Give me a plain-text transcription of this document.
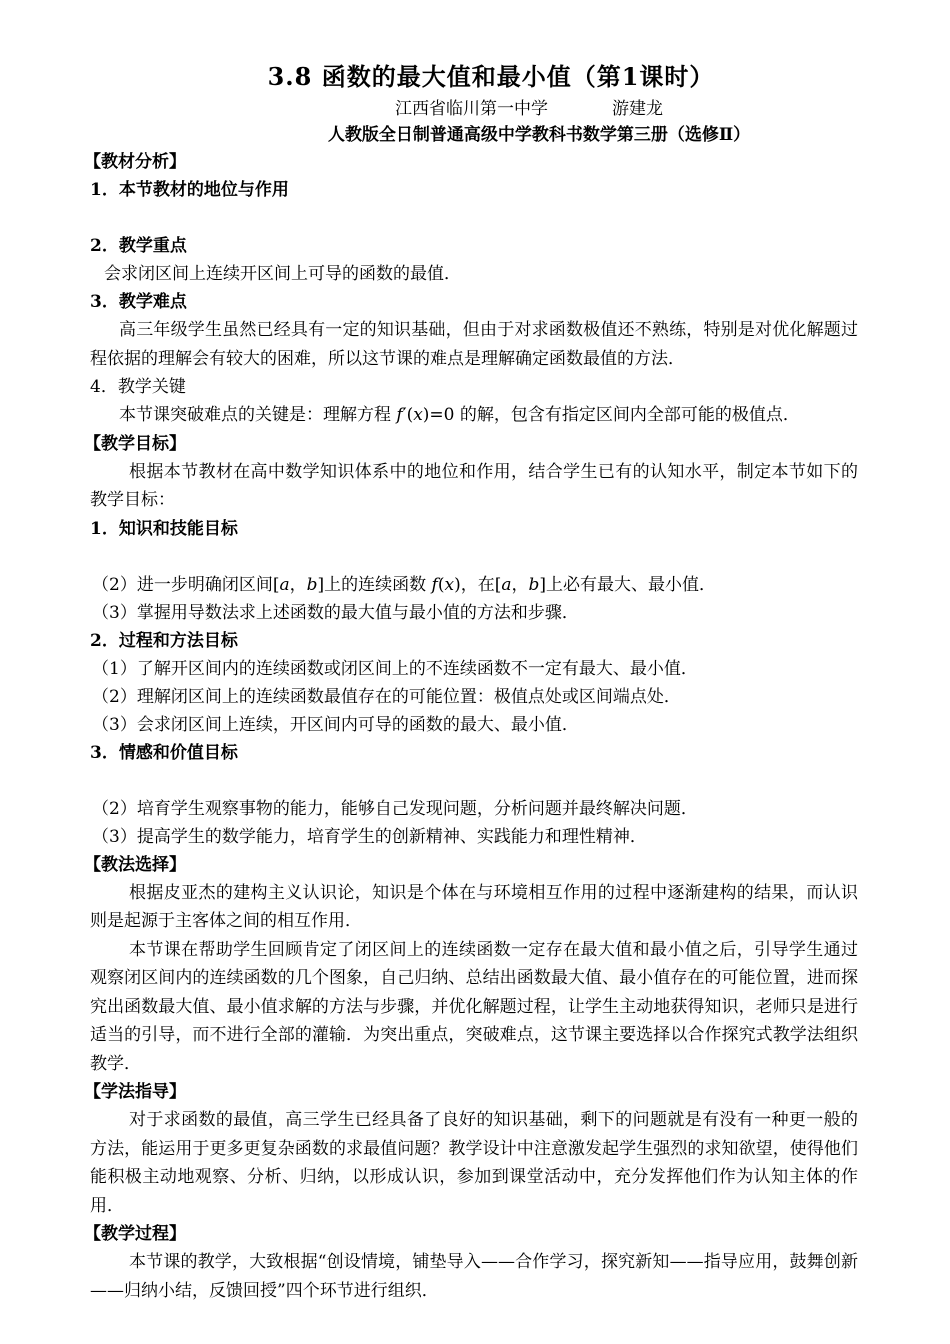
3.8 函数的最大值和最小值（第1课时）
江西省临川第一中学	游建龙
人教版全日制普通高级中学教科书数学第三册（选修Ⅱ）
【教材分析】
1．本节教材的地位与作用
2．教学重点
会求闭区间上连续开区间上可导的函数的最值．
3．教学难点
高三年级学生虽然已经具有一定的知识基础，但由于对求函数极值还不熟练，特别是对优化解题过程依据的理解会有较大的困难，所以这节课的难点是理解确定函数最值的方法．
4．教学关键
本节课突破难点的关键是：理解方程 f′(x)=0 的解，包含有指定区间内全部可能的极值点．
【教学目标】
根据本节教材在高中数学知识体系中的地位和作用，结合学生已有的认知水平，制定本节如下的教学目标：
1．知识和技能目标
（2）进一步明确闭区间[a，b]上的连续函数 f(x)，在[a，b]上必有最大、最小值．
（3）掌握用导数法求上述函数的最大值与最小值的方法和步骤．
2．过程和方法目标
（1）了解开区间内的连续函数或闭区间上的不连续函数不一定有最大、最小值．
（2）理解闭区间上的连续函数最值存在的可能位置：极值点处或区间端点处．
（3）会求闭区间上连续，开区间内可导的函数的最大、最小值．
3．情感和价值目标
（2）培育学生观察事物的能力，能够自己发现问题，分析问题并最终解决问题．
（3）提高学生的数学能力，培育学生的创新精神、实践能力和理性精神．
【教法选择】
根据皮亚杰的建构主义认识论，知识是个体在与环境相互作用的过程中逐渐建构的结果，而认识则是起源于主客体之间的相互作用．
本节课在帮助学生回顾肯定了闭区间上的连续函数一定存在最大值和最小值之后，引导学生通过观察闭区间内的连续函数的几个图象，自己归纳、总结出函数最大值、最小值存在的可能位置，进而探究出函数最大值、最小值求解的方法与步骤，并优化解题过程，让学生主动地获得知识，老师只是进行适当的引导，而不进行全部的灌输．为突出重点，突破难点，这节课主要选择以合作探究式教学法组织教学．
【学法指导】
对于求函数的最值，高三学生已经具备了良好的知识基础，剩下的问题就是有没有一种更一般的方法，能运用于更多更复杂函数的求最值问题？教学设计中注意激发起学生强烈的求知欲望，使得他们能积极主动地观察、分析、归纳，以形成认识，参加到课堂活动中，充分发挥他们作为认知主体的作用．
【教学过程】
本节课的教学，大致根据“创设情境，铺垫导入——合作学习，探究新知——指导应用，鼓舞创新——归纳小结，反馈回授”四个环节进行组织．
